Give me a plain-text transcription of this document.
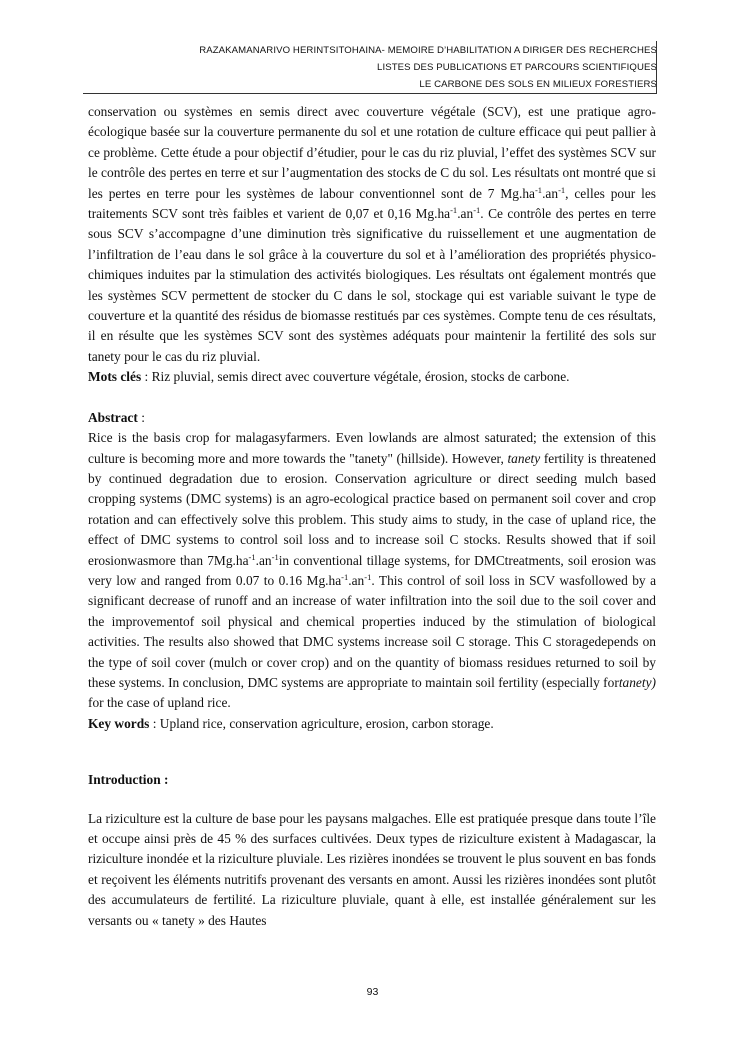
RAZAKAMANARIVO HERINTSITOHAINA- MEMOIRE D’HABILITATION A DIRIGER DES RECHERCHES
LISTES DES PUBLICATIONS ET PARCOURS SCIENTIFIQUES
LE CARBONE DES SOLS EN MILIEUX FORESTIERS

conservation ou systèmes en semis direct avec couverture végétale (SCV), est une pratique agro-écologique basée sur la couverture permanente du sol et une rotation de culture efficace qui peut pallier à ce problème. Cette étude a pour objectif d’étudier, pour le cas du riz pluvial, l’effet des systèmes SCV sur le contrôle des pertes en terre et sur l’augmentation des stocks de C du sol. Les résultats ont montré que si les pertes en terre pour les systèmes de labour conventionnel sont de 7 $Mg.ha^{-1}.an^{-1}$, celles pour les traitements SCV sont très faibles et varient de 0,07 et 0,16 $Mg.ha^{-1}.an^{-1}$. Ce contrôle des pertes en terre sous SCV s’accompagne d’une diminution très significative du ruissellement et une augmentation de l’infiltration de l’eau dans le sol grâce à la couverture du sol et à l’amélioration des propriétés physico-chimiques induites par la stimulation des activités biologiques. Les résultats ont également montrés que les systèmes SCV permettent de stocker du C dans le sol, stockage qui est variable suivant le type de couverture et la quantité des résidus de biomasse restitués par ces systèmes. Compte tenu de ces résultats, il en résulte que les systèmes SCV sont des systèmes adéquats pour maintenir la fertilité des sols sur tanety pour le cas du riz pluvial.

Mots clés : Riz pluvial, semis direct avec couverture végétale, érosion, stocks de carbone.

Abstract :

Rice is the basis crop for malagasyfarmers. Even lowlands are almost saturated; the extension of this culture is becoming more and more towards the "tanety" (hillside). However, tanety fertility is threatened by continued degradation due to erosion. Conservation agriculture or direct seeding mulch based cropping systems (DMC systems) is an agro-ecological practice based on permanent soil cover and crop rotation and can effectively solve this problem. This study aims to study, in the case of upland rice, the effect of DMC systems to control soil loss and to increase soil C stocks. Results showed that if soil erosionwasmore than $7Mg.ha^{-1}.an^{-1}in$ conventional tillage systems, for DMCtreatments, soil erosion was very low and ranged from 0.07 to 0.16 $Mg.ha^{-1}.an^{-1}$. This control of soil loss in SCV wasfollowed by a significant decrease of runoff and an increase of water infiltration into the soil due to the soil cover and the improvementof soil physical and chemical properties induced by the stimulation of biological activities. The results also showed that DMC systems increase soil C storage. This C storagedepends on the type of soil cover (mulch or cover crop) and on the quantity of biomass residues returned to soil by these systems. In conclusion, DMC systems are appropriate to maintain soil fertility (especially fortanety) for the case of upland rice.

Key words : Upland rice, conservation agriculture, erosion, carbon storage.

Introduction :

La riziculture est la culture de base pour les paysans malgaches. Elle est pratiquée presque dans toute l’île et occupe ainsi près de 45 % des surfaces cultivées. Deux types de riziculture existent à Madagascar, la riziculture inondée et la riziculture pluviale. Les rizières inondées se trouvent le plus souvent en bas fonds et reçoivent les éléments nutritifs provenant des versants en amont. Aussi les rizières inondées sont plutôt des accumulateurs de fertilité. La riziculture pluviale, quant à elle, est installée généralement sur les versants ou « tanety » des Hautes

93
